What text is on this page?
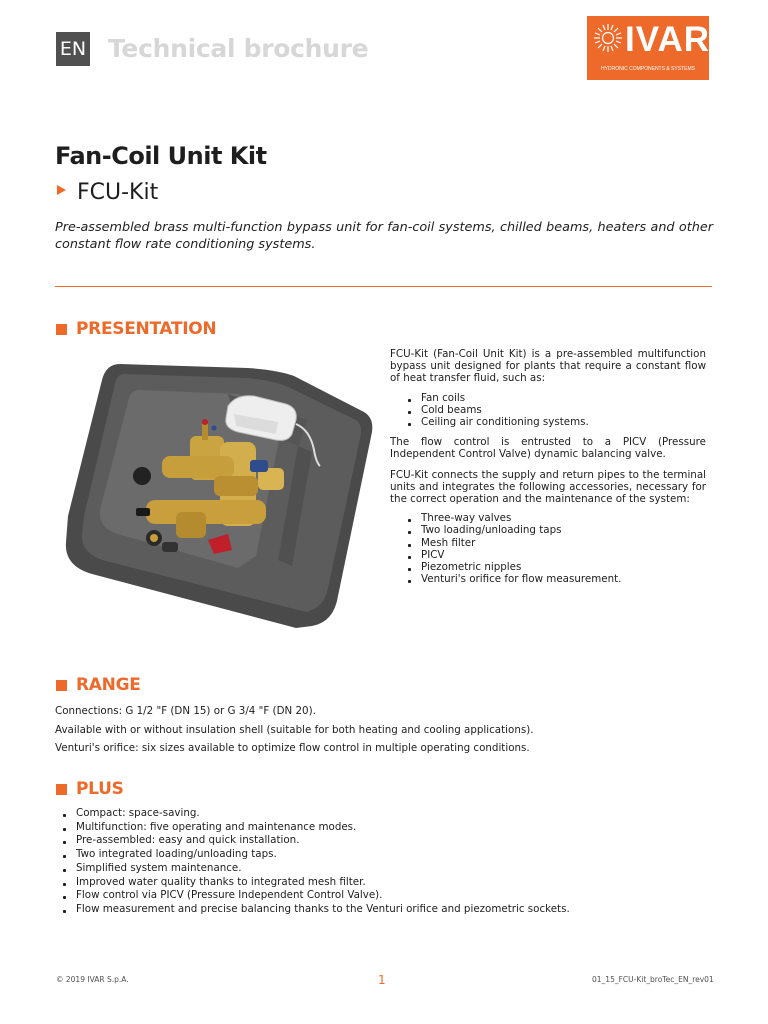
EN Technical brochure	IVAR
HYDRONIC COMPONENTS & SYSTEMS
Fan-Coil Unit Kit
FCU-Kit
Pre-assembled brass multi-function bypass unit for fan-coil systems, chilled beams, heaters and other constant flow rate conditioning systems.
PRESENTATION

FCU-Kit (Fan-Coil Unit Kit) is a pre-assembled multifunction bypass unit designed for plants that require a constant flow of heat transfer fluid, such as:

Fan coils
Cold beams
Ceiling air conditioning systems.

The flow control is entrusted to a PICV (Pressure Independent Control Valve) dynamic balancing valve.

FCU-Kit connects the supply and return pipes to the terminal units and integrates the following accessories, necessary for the correct operation and the maintenance of the system:

Three-way valves
Two loading/unloading taps
Mesh filter
PICV
Piezometric nipples
Venturi's orifice for flow measurement.
RANGE
Connections: G 1/2 "F (DN 15) or G 3/4 "F (DN 20).
Available with or without insulation shell (suitable for both heating and cooling applications).
Venturi's orifice: six sizes available to optimize flow control in multiple operating conditions.
PLUS
Compact: space-saving.
Multifunction: five operating and maintenance modes.
Pre-assembled: easy and quick installation.
Two integrated loading/unloading taps.
Simplified system maintenance.
Improved water quality thanks to integrated mesh filter.
Flow control via PICV (Pressure Independent Control Valve).
Flow measurement and precise balancing thanks to the Venturi orifice and piezometric sockets.
© 2019 IVAR S.p.A.	1	01_15_FCU-Kit_broTec_EN_rev01
